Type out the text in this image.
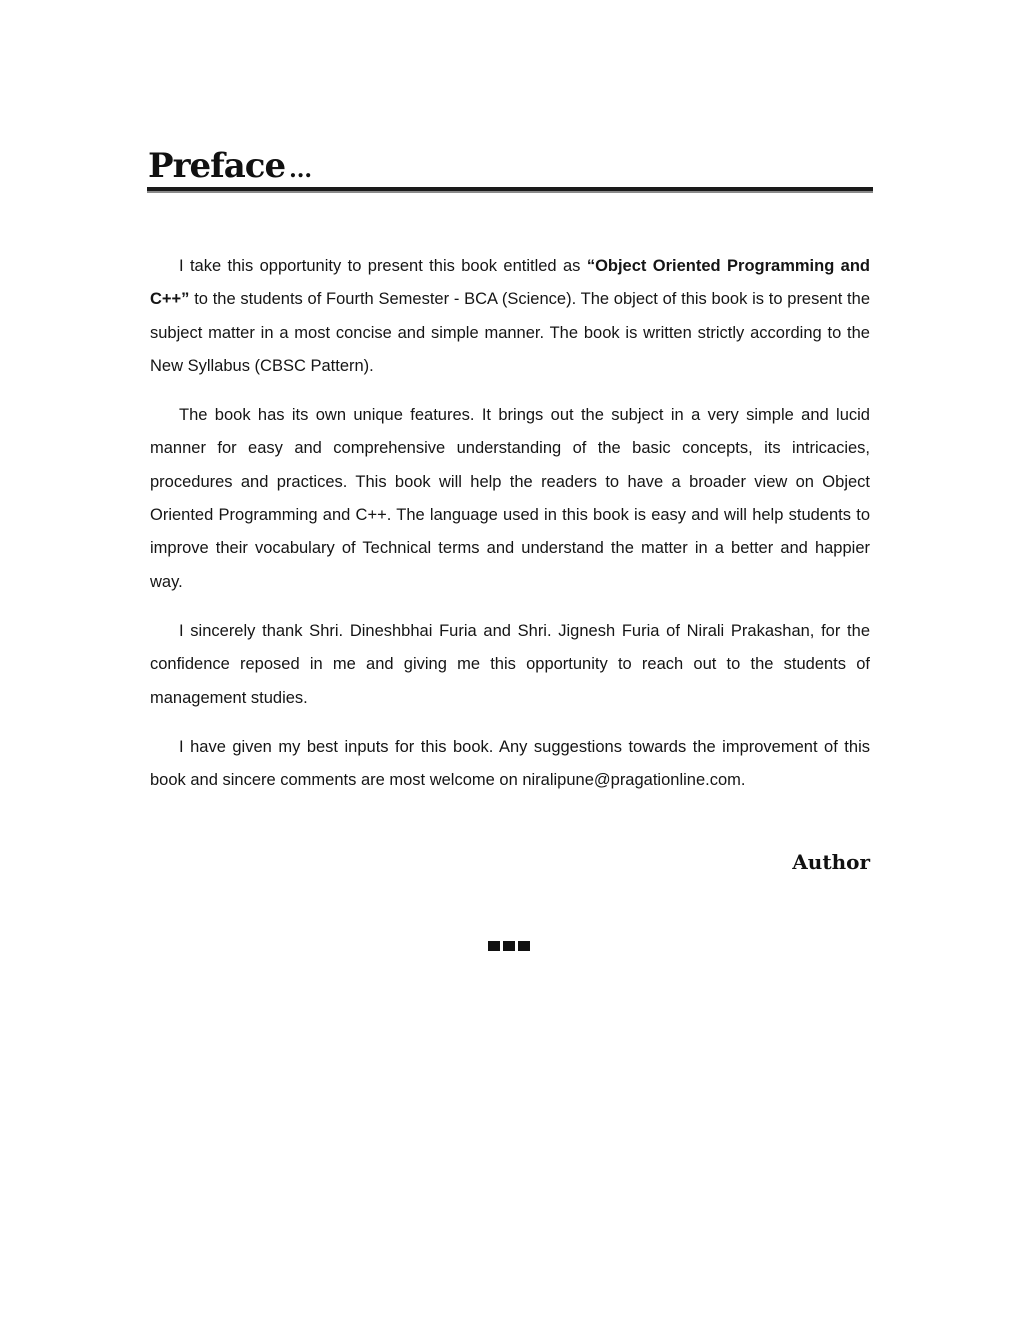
Preface ...

I take this opportunity to present this book entitled as “Object Oriented Programming and C++” to the students of Fourth Semester - BCA (Science). The object of this book is to present the subject matter in a most concise and simple manner. The book is written strictly according to the New Syllabus (CBSC Pattern).

The book has its own unique features. It brings out the subject in a very simple and lucid manner for easy and comprehensive understanding of the basic concepts, its intricacies, procedures and practices. This book will help the readers to have a broader view on Object Oriented Programming and C++. The language used in this book is easy and will help students to improve their vocabulary of Technical terms and understand the matter in a better and happier way.

I sincerely thank Shri. Dineshbhai Furia and Shri. Jignesh Furia of Nirali Prakashan, for the confidence reposed in me and giving me this opportunity to reach out to the students of management studies.

I have given my best inputs for this book. Any suggestions towards the improvement of this book and sincere comments are most welcome on niralipune@pragationline.com.

Author
